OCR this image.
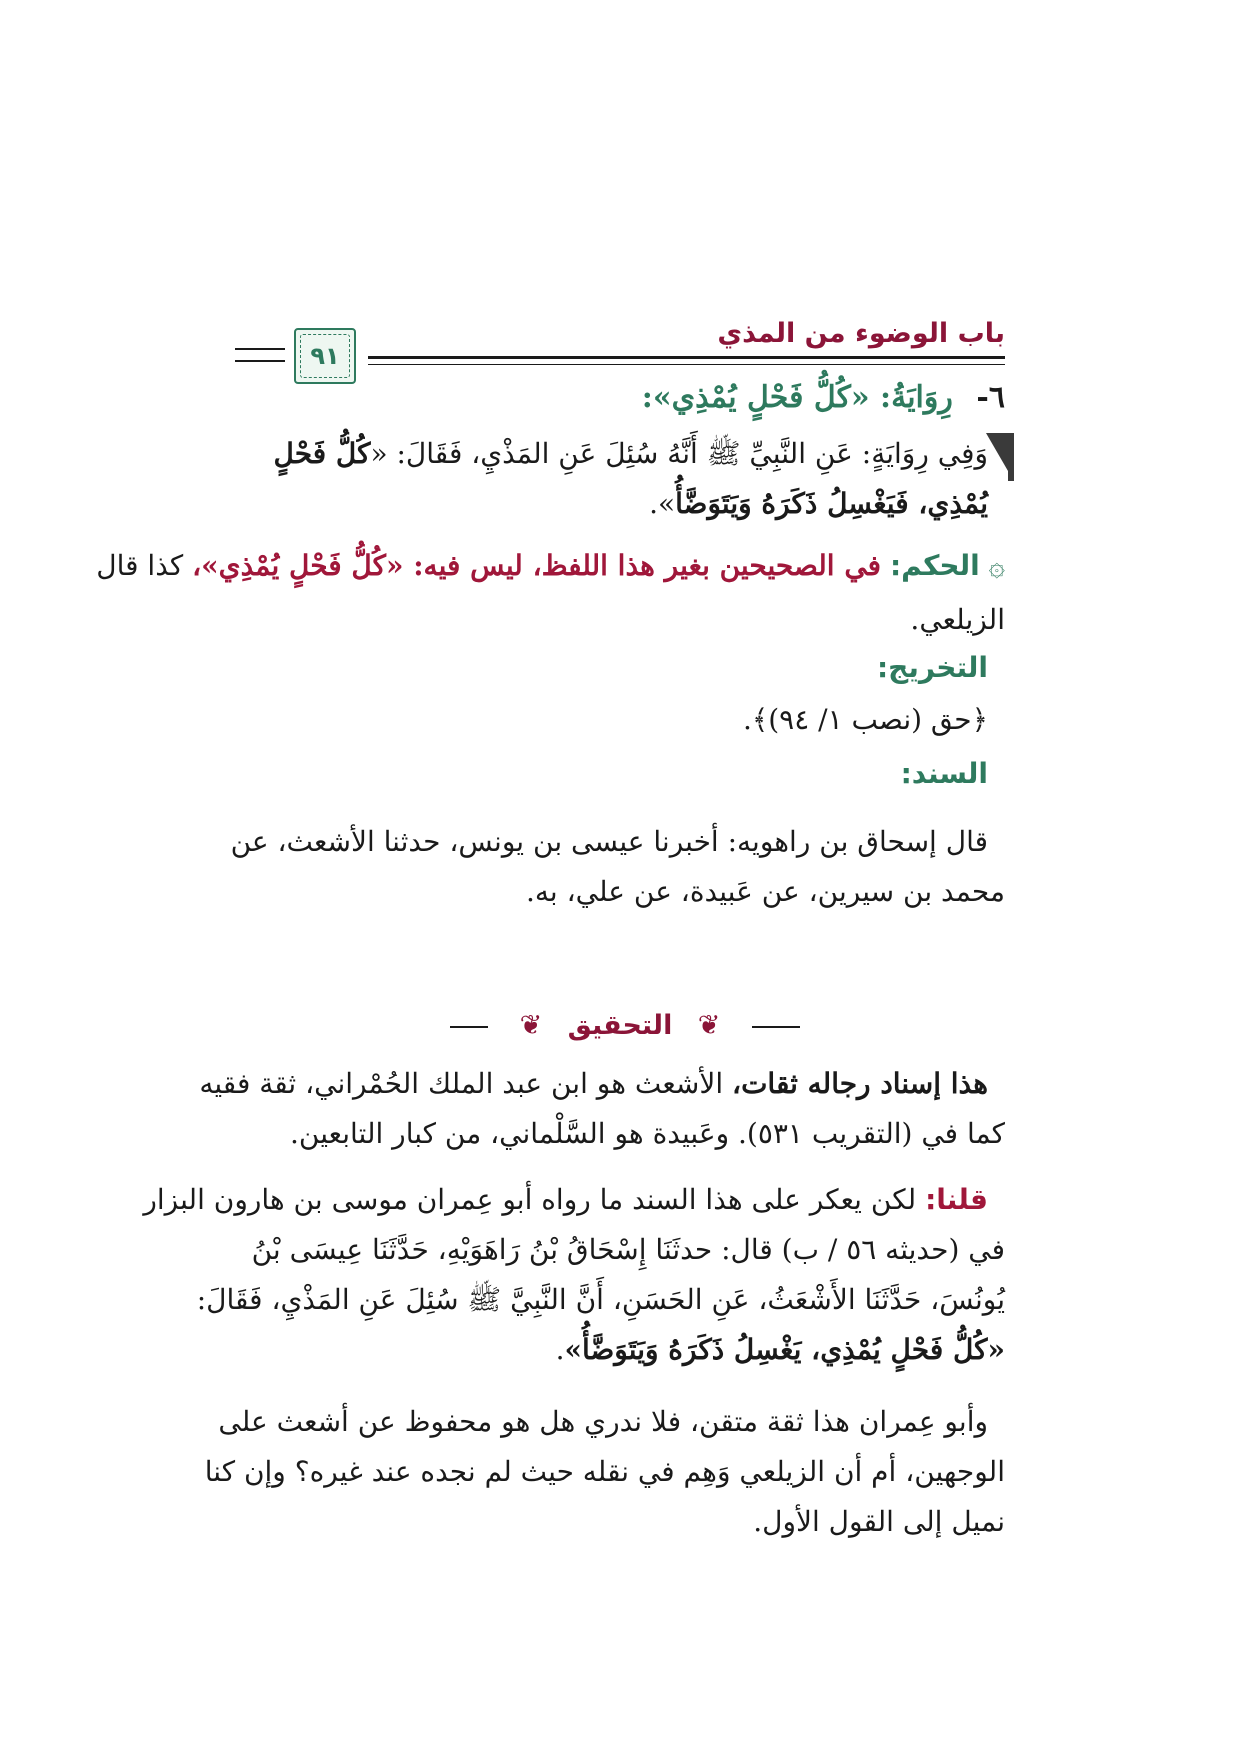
باب الوضوء من المذي
٩١
٦- رِوَايَةُ: «كُلُّ فَحْلٍ يُمْذِي»:
وَفِي رِوَايَةٍ: عَنِ النَّبِيِّ ﷺ أَنَّهُ سُئِلَ عَنِ المَذْيِ، فَقَالَ: «كُلُّ فَحْلٍ
يُمْذِي، فَيَغْسِلُ ذَكَرَهُ وَيَتَوَضَّأُ».
۞ الحكم: في الصحيحين بغير هذا اللفظ، ليس فيه: «كُلُّ فَحْلٍ يُمْذِي»، كذا قال
الزيلعي.
التخريج:
﴿حق (نصب ١/ ٩٤)﴾.
السند:
قال إسحاق بن راهويه: أخبرنا عيسى بن يونس، حدثنا الأشعث، عن
محمد بن سيرين، عن عَبيدة، عن علي، به.
❦ التحقيق ❦
هذا إسناد رجاله ثقات، الأشعث هو ابن عبد الملك الحُمْراني، ثقة فقيه
كما في (التقريب ٥٣١). وعَبيدة هو السَّلْماني، من كبار التابعين.
قلنا: لكن يعكر على هذا السند ما رواه أبو عِمران موسى بن هارون البزار
في (حديثه ٥٦ / ب) قال: حدثَنَا إِسْحَاقُ بْنُ رَاهَوَيْهِ، حَدَّثَنَا عِيسَى بْنُ
يُونُسَ، حَدَّثَنَا الأَشْعَثُ، عَنِ الحَسَنِ، أَنَّ النَّبِيَّ ﷺ سُئِلَ عَنِ المَذْيِ، فَقَالَ:
«كُلُّ فَحْلٍ يُمْذِي، يَغْسِلُ ذَكَرَهُ وَيَتَوَضَّأُ».
وأبو عِمران هذا ثقة متقن، فلا ندري هل هو محفوظ عن أشعث على
الوجهين، أم أن الزيلعي وَهِم في نقله حيث لم نجده عند غيره؟ وإن كنا
نميل إلى القول الأول.
